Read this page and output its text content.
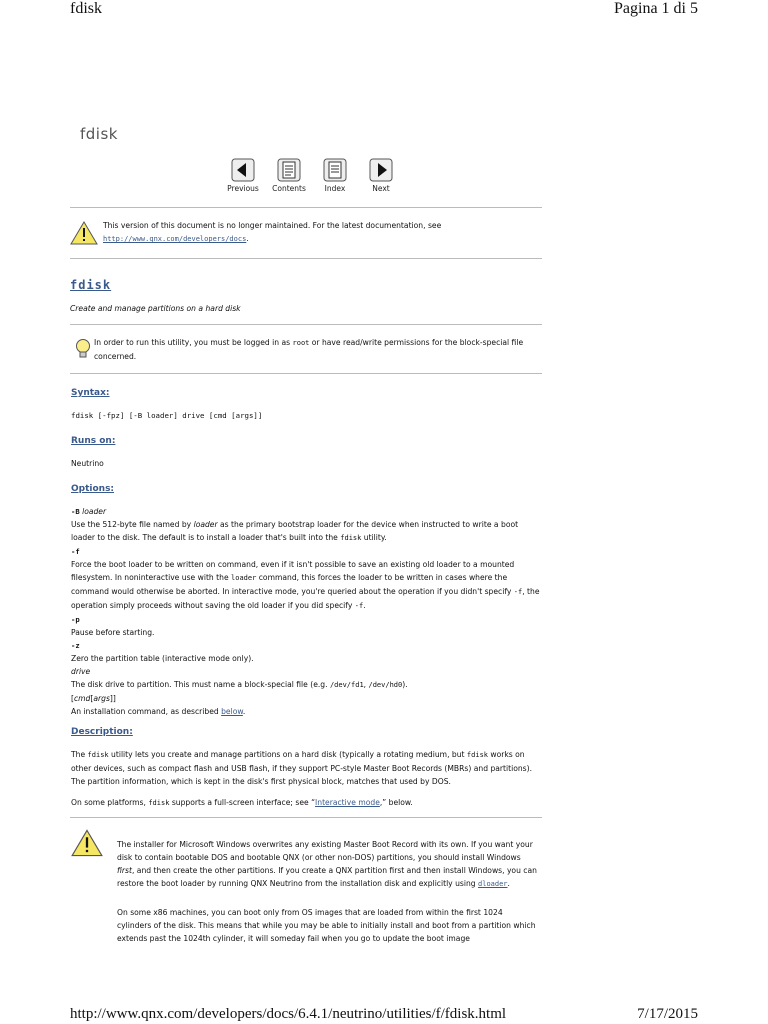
fdisk	Pagina 1 di 5
fdisk
Previous	Contents	Index	Next
This version of this document is no longer maintained. For the latest documentation, see
http://www.qnx.com/developers/docs.
fdisk
Create and manage partitions on a hard disk
In order to run this utility, you must be logged in as root or have read/write permissions for the block-special file concerned.
Syntax:
fdisk [-fpz] [-B loader] drive [cmd [args]]
Runs on:
Neutrino
Options:
-B loader
Use the 512-byte file named by loader as the primary bootstrap loader for the device when instructed to write a boot loader to the disk. The default is to install a loader that's built into the fdisk utility.
-f
Force the boot loader to be written on command, even if it isn't possible to save an existing old loader to a mounted filesystem. In noninteractive use with the loader command, this forces the loader to be written in cases where the command would otherwise be aborted. In interactive mode, you're queried about the operation if you didn't specify -f, the operation simply proceeds without saving the old loader if you did specify -f.
-p
Pause before starting.
-z
Zero the partition table (interactive mode only).
drive
The disk drive to partition. This must name a block-special file (e.g. /dev/fd1, /dev/hd0).
[cmd[args]]
An installation command, as described below.
Description:
The fdisk utility lets you create and manage partitions on a hard disk (typically a rotating medium, but fdisk works on other devices, such as compact flash and USB flash, if they support PC-style Master Boot Records (MBRs) and partitions). The partition information, which is kept in the disk's first physical block, matches that used by DOS.
On some platforms, fdisk supports a full-screen interface; see “Interactive mode,” below.
The installer for Microsoft Windows overwrites any existing Master Boot Record with its own. If you want your disk to contain bootable DOS and bootable QNX (or other non-DOS) partitions, you should install Windows first, and then create the other partitions. If you create a QNX partition first and then install Windows, you can restore the boot loader by running QNX Neutrino from the installation disk and explicitly using dloader.
On some x86 machines, you can boot only from OS images that are loaded from within the first 1024 cylinders of the disk. This means that while you may be able to initially install and boot from a partition which extends past the 1024th cylinder, it will someday fail when you go to update the boot image
http://www.qnx.com/developers/docs/6.4.1/neutrino/utilities/f/fdisk.html	7/17/2015
